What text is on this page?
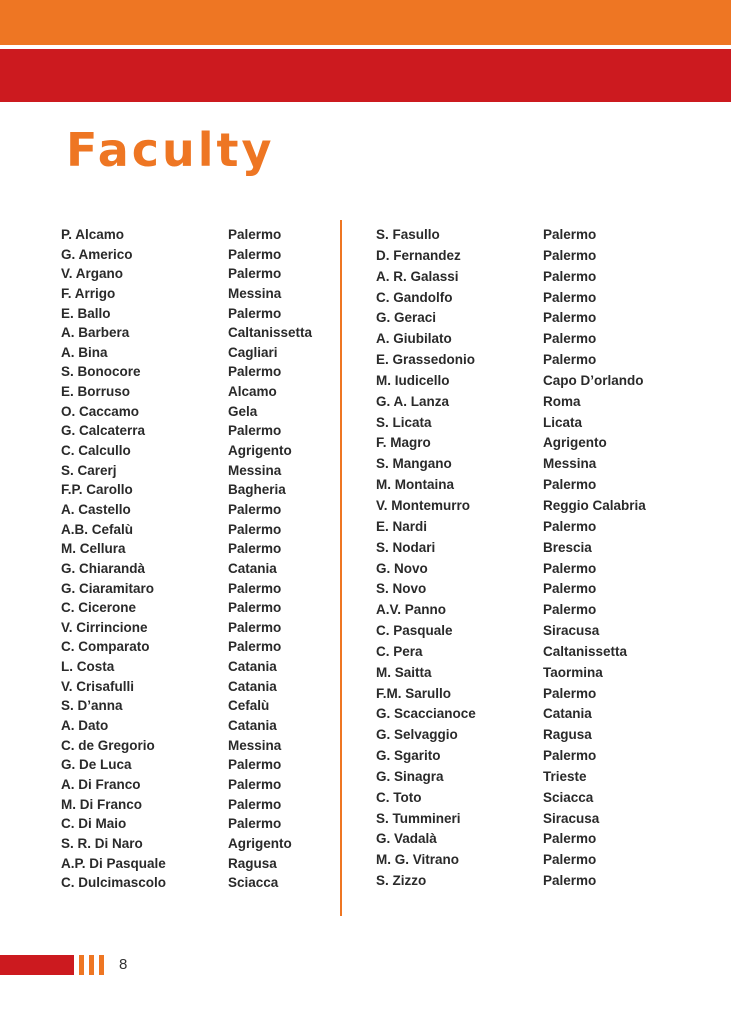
Faculty
P. Alcamo	Palermo
G. Americo	Palermo
V. Argano	Palermo
F. Arrigo	Messina
E. Ballo	Palermo
A. Barbera	Caltanissetta
A. Bina	Cagliari
S. Bonocore	Palermo
E. Borruso	Alcamo
O. Caccamo	Gela
G. Calcaterra	Palermo
C. Calcullo	Agrigento
S. Carerj	Messina
F.P. Carollo	Bagheria
A. Castello	Palermo
A.B. Cefalù	Palermo
M. Cellura	Palermo
G. Chiarandà	Catania
G. Ciaramitaro	Palermo
C. Cicerone	Palermo
V. Cirrincione	Palermo
C. Comparato	Palermo
L. Costa	Catania
V. Crisafulli	Catania
S. D’anna	Cefalù
A. Dato	Catania
C. de Gregorio	Messina
G. De Luca	Palermo
A. Di Franco	Palermo
M. Di Franco	Palermo
C. Di Maio	Palermo
S. R. Di Naro	Agrigento
A.P. Di Pasquale	Ragusa
C. Dulcimascolo	Sciacca
S. Fasullo	Palermo
D. Fernandez	Palermo
A. R. Galassi	Palermo
C. Gandolfo	Palermo
G. Geraci	Palermo
A. Giubilato	Palermo
E. Grassedonio	Palermo
M. Iudicello	Capo D’orlando
G. A. Lanza	Roma
S. Licata	Licata
F. Magro	Agrigento
S. Mangano	Messina
M. Montaina	Palermo
V. Montemurro	Reggio Calabria
E. Nardi	Palermo
S. Nodari	Brescia
G. Novo	Palermo
S. Novo	Palermo
A.V. Panno	Palermo
C. Pasquale	Siracusa
C. Pera	Caltanissetta
M. Saitta	Taormina
F.M. Sarullo	Palermo
G. Scaccianoce	Catania
G. Selvaggio	Ragusa
G. Sgarito	Palermo
G. Sinagra	Trieste
C. Toto	Sciacca
S. Tummineri	Siracusa
G. Vadalà	Palermo
M. G. Vitrano	Palermo
S. Zizzo	Palermo
8
